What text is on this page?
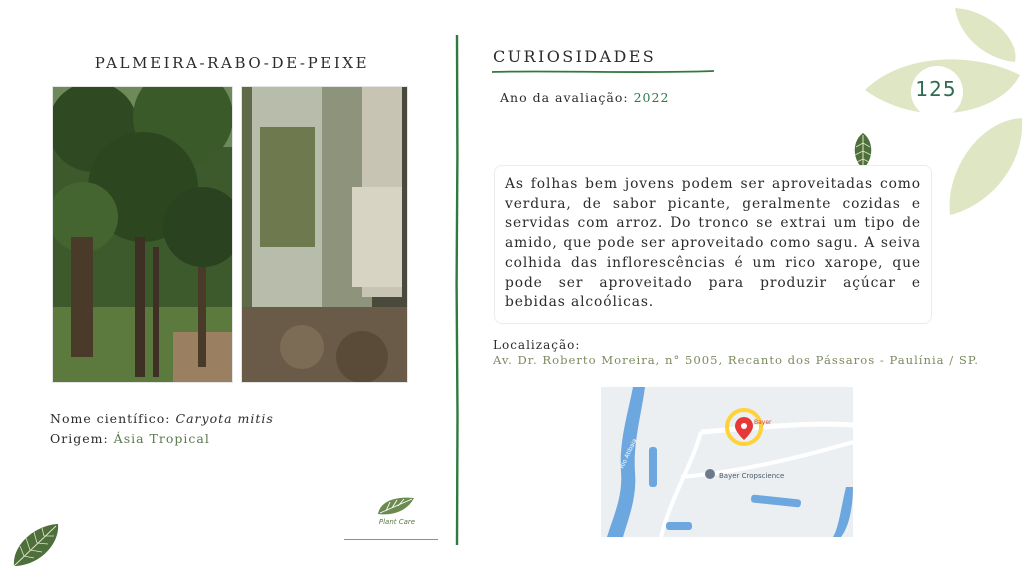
125
PALMEIRA-RABO-DE-PEIXE
Nome científico: Caryota mitis
Origem: Ásia Tropical
Plant Care
CURIOSIDADES
Ano da avaliação: 2022
As folhas bem jovens podem ser aproveitadas como verdura, de sabor picante, geralmente cozidas e servidas com arroz. Do tronco se extrai um tipo de amido, que pode ser aproveitado como sagu. A seiva colhida das inflorescências é um rico xarope, que pode ser aproveitado para produzir açúcar e bebidas alcoólicas.
Localização:
Av. Dr. Roberto Moreira, n° 5005, Recanto dos Pássaros - Paulínia / SP.
Bayer Cropscience
Bayer
Rio Atibaia
